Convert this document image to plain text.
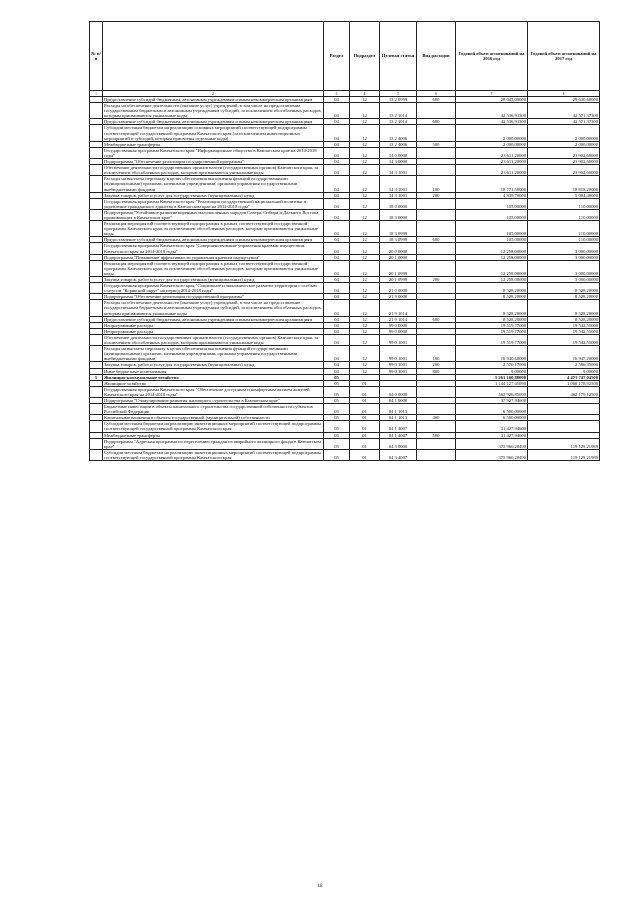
№ п/п		Раздел	Подраздел	Целевая статья	Вид расходов	Годовой объем ассигнований на 2016 год	Годовой объем ассигнований на 2017 год
1	2	3	4	5	6	7	8
	Предоставление субсидий бюджетным, автономным учреждениям и иным некоммерческим организациям	04	12	13 2 0999	600	28 045,00000	29 630,60000
	Расходы на обеспечение деятельности (оказание услуг) учреждений, в том числе на предоставление государственным бюджетным и автономным учреждениям субсидий, за исключением обособленных расходов, которым присваиваются уникальные коды	04	12	13 2 1014		42 536,91300	42 571,37300
	Предоставление субсидий бюджетным, автономным учреждениям и иным некоммерческим организациям	04	12	13 2 1014	600	42 536,91300	42 571,37300
	Субсидии местным бюджетам на реализацию основных мероприятий соответствующей подпрограммы соответствующей государственной программы Камчатского края (за исключением инвестиционных мероприятий и субсидий, которым присвоены отдельные коды)	04	12	13 2 4006		2 000,00000	2 000,00000
	Межбюджетные трансферты	04	12	13 2 4006	500	2 000,00000	2 000,00000
	Государственная программа Камчатского края "Информационное общество в Камчатском крае на 2014-2018 годы"	04	12	14 0 0000		23 611,20000	23 902,60000
	Подпрограмма "Обеспечение реализации государственной программы"	04	12	14 3 0000		23 611,20000	23 902,60000
	Обеспечение деятельности государственных органов власти (государственных органов) Камчатского края, за исключением обособленных расходов, которым присваиваются уникальные коды	04	12	14 3 1001		23 611,20000	23 902,60000
	Расходы на выплаты персоналу в целях обеспечения выполнения функций государственными (муниципальными) органами, казенными учреждениями, органами управления государственными внебюджетными фондами	04	12	14 3 1001	100	18 771,50000	18 818,20000
	Закупка товаров, работ и услуг для государственных (муниципальных) нужд	04	12	14 3 1001	200	4 839,70000	5 084,40000
	Государственная программа Камчатского края "Реализация государственной национальной политики и укрепление гражданского единства в Камчатском крае на 2014-2018 годы"	04	12	18 0 0000		105,00000	110,00000
	Подпрограмма "Устойчивое развитие коренных малочисленных народов Севера, Сибири и Дальнего Востока, проживающих в Камчатском крае"	04	12	18 3 0000		105,00000	110,00000
	Реализация мероприятий соответствующей подпрограммы в рамках соответствующей государственной программы Камчатского края, за исключением обособленных расходов, которым присваиваются уникальные коды	04	12	18 3 0999		105,00000	110,00000
	Предоставление субсидий бюджетным, автономным учреждениям и иным некоммерческим организациям	04	12	18 3 0999	600	105,00000	110,00000
	Государственная программа Камчатского края "Совершенствование управления краевым имуществом Камчатского края на 2014-2018 годы"	04	12	20 0 0000		12 258,00000	3 000,00000
	Подпрограмма "Повышение эффективности управления краевым имуществом"	04	12	20 1 0000		12 258,00000	3 000,00000
	Реализация мероприятий соответствующей подпрограммы в рамках соответствующей государственной программы Камчатского края, за исключением обособленных расходов, которым присваиваются уникальные коды	04	12	20 1 0999		12 258,00000	3 000,00000
	Закупка товаров, работ и услуг для государственных (муниципальных) нужд	04	12	20 1 0999	200	12 258,00000	3 000,00000
	Государственная программа Камчатского края "Социальное и экономическое развитие территории с особым статусом "Корякский округ" на период 2014-2018 годы"	04	12	21 0 0000		8 528,20000	8 528,20000
	Подпрограмма "Обеспечение реализации государственной программы"	04	12	21 9 0000		8 528,20000	8 528,20000
	Расходы на обеспечение деятельности (оказание услуг) учреждений, в том числе на предоставление государственным бюджетным и автономным учреждениям субсидий, за исключением обособленных расходов, которым присваиваются уникальные коды	04	12	21 9 1014		8 528,20000	8 528,20000
	Предоставление субсидий бюджетным, автономным учреждениям и иным некоммерческим организациям	04	12	21 9 1014	600	8 528,20000	8 528,20000
	Непрограммные расходы	04	12	99 0 0000		19 519,77000	19 542,55000
	Непрограммные расходы	04	12	99 0 0000		19 519,77000	19 542,55000
	Обеспечение деятельности государственных органов власти (государственных органов) Камчатского края, за исключением обособленных расходов, которым присваиваются уникальные коды	04	12	99 0 1001		19 519,77000	19 542,55000
	Расходы на выплаты персоналу в целях обеспечения выполнения функций государственными (муниципальными) органами, казенными учреждениями, органами управления государственными внебюджетными фондами	04	12	99 0 1001	100	16 940,60000	16 947,20000
	Закупка товаров, работ и услуг для государственных (муниципальных) нужд	04	12	99 0 1001	200	2 570,17000	2 586,35000
	Иные бюджетные ассигнования	04	12	99 0 1001	800	9,00000	9,00000
5	Жилищно-коммунальное хозяйство	05				5 261 160,88090	4 471 747,04500
	Жилищное хозяйство	05	01			1 144 127,45090	1 068 178,92500
	Государственная программа Камчатского края "Обеспечение доступным и комфортным жильем жителей Камчатского края на 2014-2018 годы"	05	01	04 0 0000		562 926,85090	462 179,12500
	Подпрограмма "Стимулирование развития жилищного строительства в Камчатском крае"	05	01	04 1 0000		37 927,94600	
	Бюджетные инвестиции в объекты капитального строительства государственной собственности субъектов Российской Федерации	05	01	04 1 1013		6 500,00000	
	Капитальные вложения в объекты государственной (муниципальной) собственности	05	01	04 1 1013	400	6 500,00000	
	Субсидии местным бюджетам на реализацию инвестиционных мероприятий соответствующей подпрограммы соответствующей государственной программы Камчатского края	05	01	04 1 4007		31 427,94600	
	Межбюджетные трансферты	05	01	04 1 4007	500	31 427,94600	
	Подпрограмма "Адресная программа по переселению граждан из аварийного жилищного фонда в Камчатском крае"	05	01	04 3 0000		375 960,20490	119 129,21989
	Субсидии местным бюджетам на реализацию инвестиционных мероприятий соответствующей подпрограммы соответствующей государственной программы Камчатского края	05	01	04 3 4007		375 960,20490	119 129,21989
18
